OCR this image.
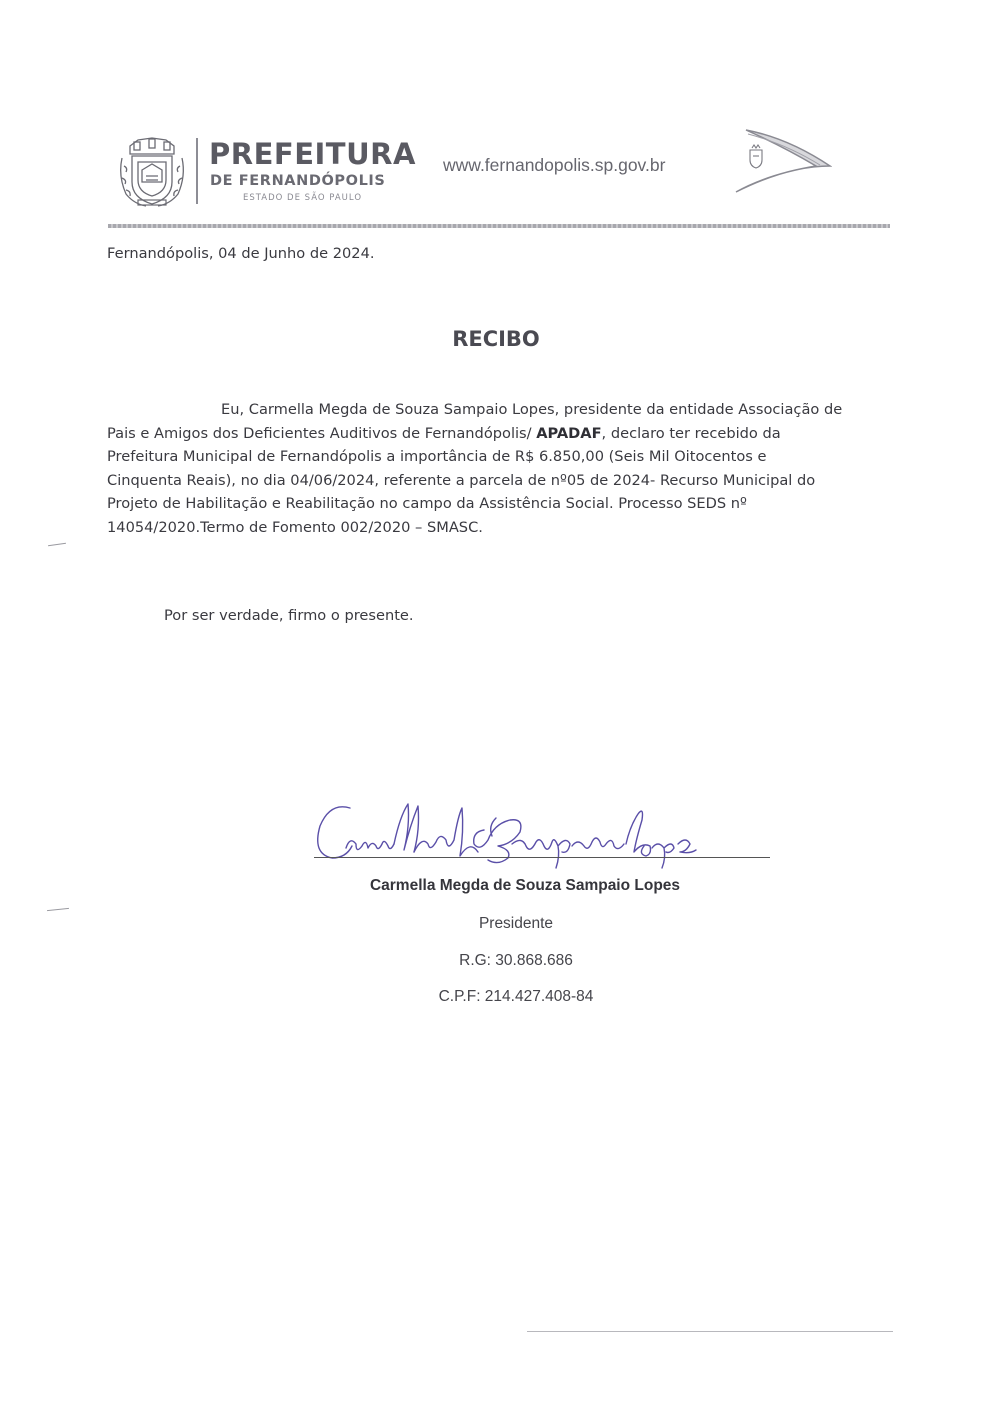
PREFEITURA
DE FERNANDÓPOLIS
ESTADO DE SÃO PAULO
www.fernandopolis.sp.gov.br
Fernandópolis, 04 de Junho de 2024.
RECIBO
Eu, Carmella Megda de Souza Sampaio Lopes, presidente da entidade Associação de
Pais e Amigos dos Deficientes Auditivos de Fernandópolis/ APADAF, declaro ter recebido da
Prefeitura Municipal de Fernandópolis a importância de R$ 6.850,00 (Seis Mil Oitocentos e
Cinquenta Reais), no dia 04/06/2024, referente a parcela de nº05 de 2024- Recurso Municipal do
Projeto de Habilitação e Reabilitação no campo da Assistência Social. Processo SEDS nº
14054/2020.Termo de Fomento 002/2020 – SMASC.
Por ser verdade, firmo o presente.
Carmella Megda de Souza Sampaio Lopes
Presidente
R.G: 30.868.686
C.P.F: 214.427.408-84
